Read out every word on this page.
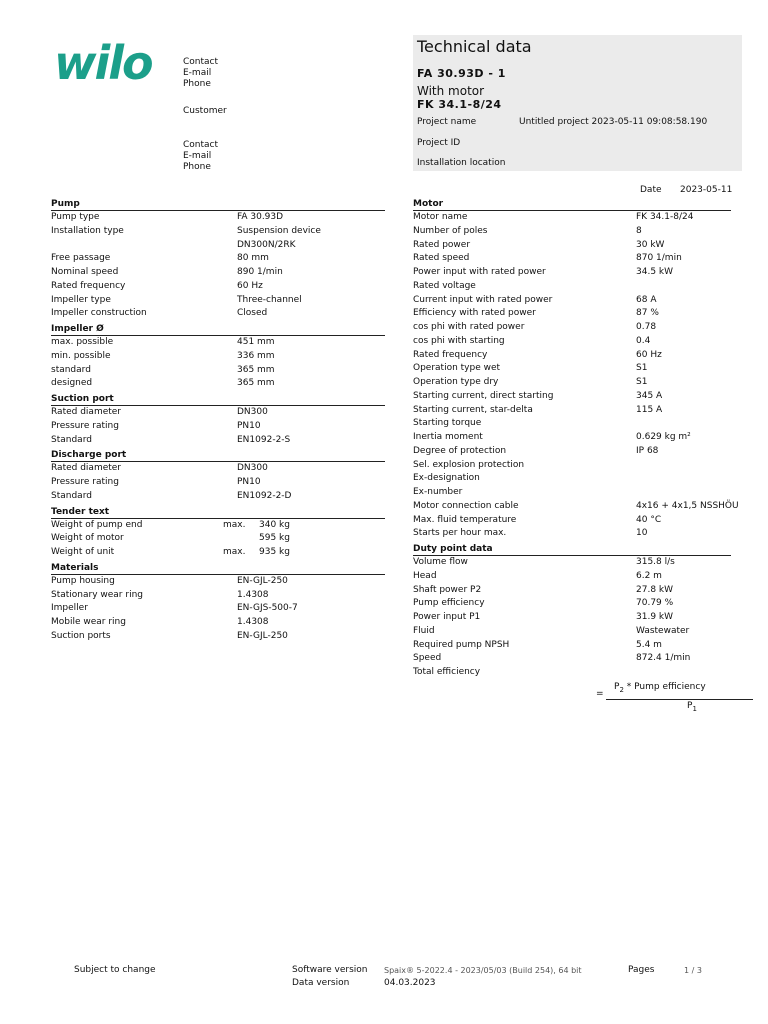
wilo	Contact
E-mail
Phone
Customer
Contact
E-mail
Phone
Technical data
FA 30.93D - 1
With motor
FK 34.1-8/24
Project name	Untitled project 2023-05-11 09:08:58.190
Project ID
Installation location
Date 2023-05-11
Pump
Pump type	FA 30.93D
Installation type	Suspension device
DN300N/2RK
Free passage	80 mm
Nominal speed	890 1/min
Rated frequency	60 Hz
Impeller type	Three-channel
Impeller construction	Closed
Impeller Ø
max. possible	451 mm
min. possible	336 mm
standard	365 mm
designed	365 mm
Suction port
Rated diameter	DN300
Pressure rating	PN10
Standard	EN1092-2-S
Discharge port
Rated diameter	DN300
Pressure rating	PN10
Standard	EN1092-2-D
Tender text
Weight of pump end	max. 340 kg
Weight of motor	595 kg
Weight of unit	max. 935 kg
Materials
Pump housing	EN-GJL-250
Stationary wear ring	1.4308
Impeller	EN-GJS-500-7
Mobile wear ring	1.4308
Suction ports	EN-GJL-250
Motor
Motor name	FK 34.1-8/24
Number of poles	8
Rated power	30 kW
Rated speed	870 1/min
Power input with rated power	34.5 kW
Rated voltage
Current input with rated power	68 A
Efficiency with rated power	87 %
cos phi with rated power	0.78
cos phi with starting	0.4
Rated frequency	60 Hz
Operation type wet	S1
Operation type dry	S1
Starting current, direct starting	345 A
Starting current, star-delta	115 A
Starting torque
Inertia moment	0.629 kg m²
Degree of protection	IP 68
Sel. explosion protection
Ex-designation
Ex-number
Motor connection cable	4x16 + 4x1,5 NSSHÖU
Max. fluid temperature	40 °C
Starts per hour max.	10
Duty point data
Volume flow	315.8 l/s
Head	6.2 m
Shaft power P2	27.8 kW
Pump efficiency	70.79 %
Power input P1	31.9 kW
Fluid	Wastewater
Required pump NPSH	5.4 m
Speed	872.4 1/min
Total efficiency
=
$P_2$ * Pump efficiency
$P_1$
Subject to change	Software version Spaix® 5-2022.4 - 2023/05/03 (Build 254), 64 bit
Data version	04.03.2023
Pages	1 / 3
